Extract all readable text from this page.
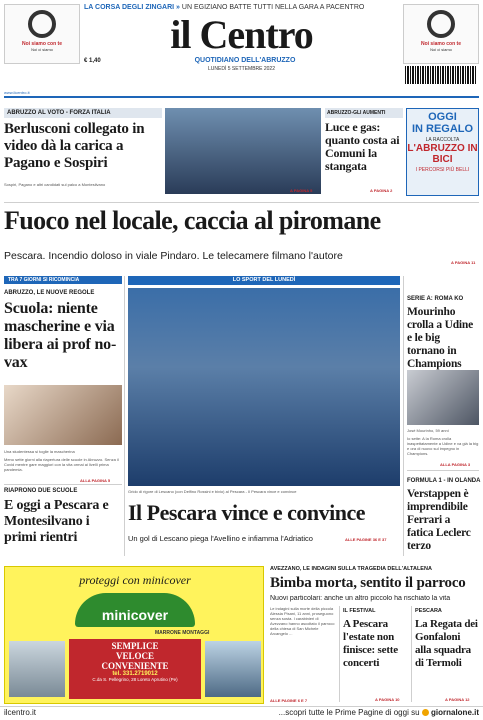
Noi siamo con te
Noi ci siamo
Noi siamo con te
Noi ci siamo
LA CORSA DEGLI ZINGARI » UN EGIZIANO BATTE TUTTI NELLA GARA A PACENTRO
il Centro
€ 1,40	QUOTIDIANO DELL'ABRUZZO
LUNEDÌ 5 SETTEMBRE 2022
www.ilcentro.it
ABRUZZO AL VOTO - FORZA ITALIA
Berlusconi collegato in video dà la carica a Pagano e Sospiri
Sospiri, Pagano e altri candidati sul palco a Montesilvano
A PAGINA 5
ABRUZZO-GLI AUMENTI
Luce e gas: quanto costa ai Comuni la stangata
A PAGINA 2
OGGI
IN REGALO
LA RACCOLTA
L'ABRUZZO IN BICI
I PERCORSI PIÙ BELLI
Fuoco nel locale, caccia al piromane
Pescara. Incendio doloso in viale Pindaro. Le telecamere filmano l'autore
A PAGINA 11
TRA 7 GIORNI SI RICOMINCIA
ABRUZZO, LE NUOVE REGOLE
Scuola: niente mascherine e via libera ai prof no-vax
Una studentessa si toglie la mascherina
Meno sette giorni alla riapertura delle scuole in Abruzzo. Senza il Covid mentre gare maggiori con la vita ormai ai livelli prima pandemia.
ALLA PAGINA 5
RIAPRONO DUE SCUOLE
E oggi a Pescara e Montesilvano i primi rientri
LO SPORT DEL LUNEDÌ
Grido di rigore di Lescano (con Delfino Rossini e bivio) al Pescara - Il Pescara vince e convince
Il Pescara vince e convince
Un gol di Lescano piega l'Avellino e infiamma l'Adriatico	ALLE PAGINE 36 E 37
SERIE A: ROMA KO
Mourinho crolla a Udine e le big tornano in Champions
José Mourinho, 59 anni
Io sette: A la Roma crolla inaspettatamente a Udine e va già la big e ora di nuovo sul impegno in Champions.
ALLA PAGINA 3
FORMULA 1 - IN OLANDA
Verstappen è imprendibile Ferrari a fatica Leclerc terzo
proteggi con minicover
minicover
MARRONE MONTAGGI
SEMPLICE
VELOCE
CONVENIENTE
tel. 331.2719012
C.da S. Pellegrino, 28 Loreto Aprutino (Pe)
AVEZZANO, LE INDAGINI SULLA TRAGEDIA DELL'ALTALENA
Bimba morta, sentito il parroco
Nuovi particolari: anche un altro piccolo ha rischiato la vita
Le indagini sulla morte della piccola Alessia Pisani, 11 anni, proseguono senza sosta. I carabinieri di Avezzano hanno ascoltato il parroco della chiesa di San Michele Arcangelo ...
ALLE PAGINE 6 E 7
IL FESTIVAL
A Pescara l'estate non finisce: sette concerti
A PAGINA 10
PESCARA
La Regata dei Gonfaloni alla squadra di Termoli
A PAGINA 12
ilcentro.it	...scopri tutte le Prime Pagine di oggi su giornalone.it
